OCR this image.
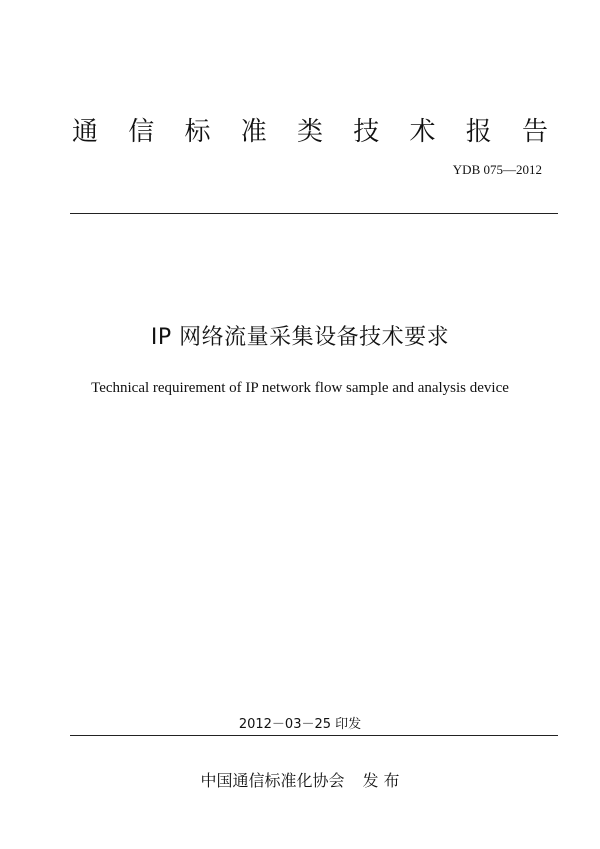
通 信 标 准 类 技 术 报 告
YDB 075—2012
IP 网络流量采集设备技术要求
Technical requirement of IP network flow sample and analysis device
2012－03－25 印发
中国通信标准化协会 发 布
